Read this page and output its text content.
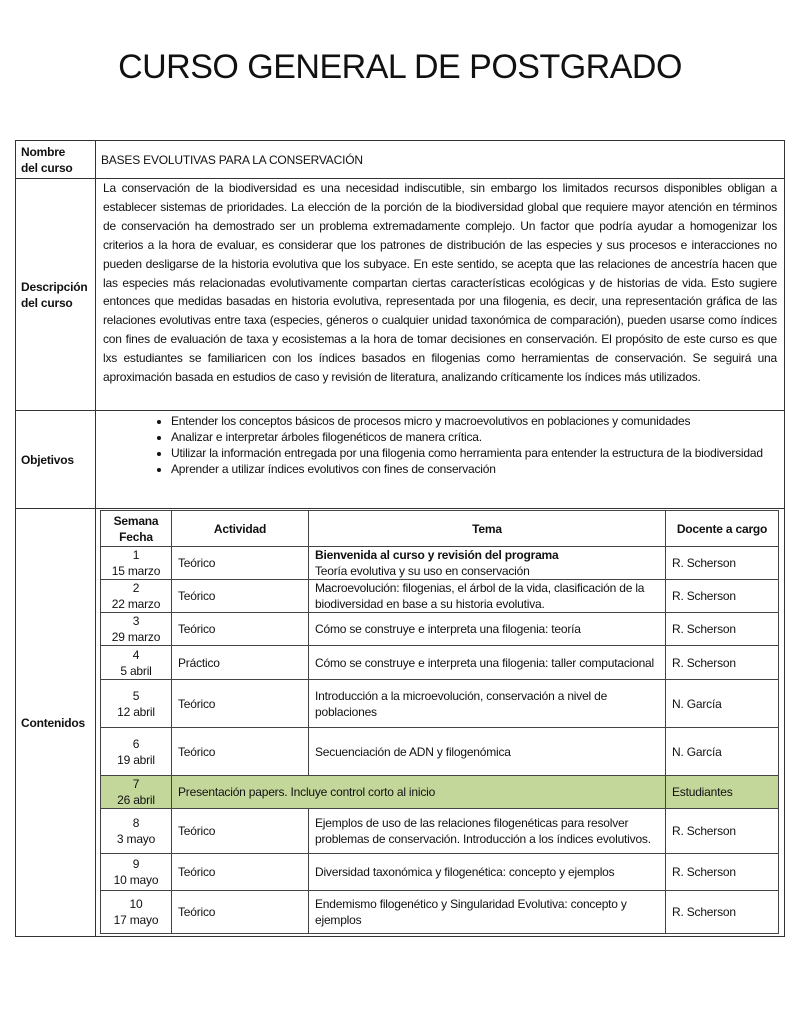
CURSO GENERAL DE POSTGRADO
Nombre
del curso	BASES EVOLUTIVAS PARA LA CONSERVACIÓN
Descripción
del curso	
La conservación de la biodiversidad es una necesidad indiscutible, sin embargo los limitados recursos disponibles obligan a establecer sistemas de prioridades. La elección de la porción de la biodiversidad global que requiere mayor atención en términos de conservación ha demostrado ser un problema extremadamente complejo. Un factor que podría ayudar a homogenizar los criterios a la hora de evaluar, es considerar que los patrones de distribución de las especies y sus procesos e interacciones no pueden desligarse de la historia evolutiva que los subyace. En este sentido, se acepta que las relaciones de ancestría hacen que las especies más relacionadas evolutivamente compartan ciertas características ecológicas y de historias de vida. Esto sugiere entonces que medidas basadas en historia evolutiva, representada por una filogenia, es decir, una representación gráfica de las relaciones evolutivas entre taxa (especies, géneros o cualquier unidad taxonómica de comparación), pueden usarse como índices con fines de evaluación de taxa y ecosistemas a la hora de tomar decisiones en conservación. El propósito de este curso es que lxs estudiantes se familiaricen con los índices basados en filogenias como herramientas de conservación. Se seguirá una aproximación basada en estudios de caso y revisión de literatura, analizando críticamente los índices más utilizados.

Objetivos	
• Entender los conceptos básicos de procesos micro y macroevolutivos en poblaciones y comunidades
• Analizar e interpretar árboles filogenéticos de manera crítica.
• Utilizar la información entregada por una filogenia como herramienta para entender la estructura de la biodiversidad
• Aprender a utilizar índices evolutivos con fines de conservación

Contenidos	
Semana
Fecha	Actividad	Tema	Docente a cargo
1
15 marzo	Teórico	Bienvenida al curso y revisión del programa
Teoría evolutiva y su uso en conservación	R. Scherson
2
22 marzo	Teórico	Macroevolución: filogenias, el árbol de la vida, clasificación de la biodiversidad en base a su historia evolutiva.	R. Scherson
3
29 marzo	Teórico	Cómo se construye e interpreta una filogenia: teoría	R. Scherson
4
5 abril	Práctico	Cómo se construye e interpreta una filogenia: taller computacional	R. Scherson
5
12 abril	Teórico	Introducción a la microevolución, conservación a nivel de poblaciones	N. García
6
19 abril	Teórico	Secuenciación de ADN y filogenómica	N. García
7
26 abril	Presentación papers. Incluye control corto al inicio	Estudiantes
8
3 mayo	Teórico	Ejemplos de uso de las relaciones filogenéticas para resolver problemas de conservación. Introducción a los índices evolutivos.	R. Scherson
9
10 mayo	Teórico	Diversidad taxonómica y filogenética: concepto y ejemplos	R. Scherson
10
17 mayo	Teórico	Endemismo filogenético y Singularidad Evolutiva: concepto y ejemplos	R. Scherson
